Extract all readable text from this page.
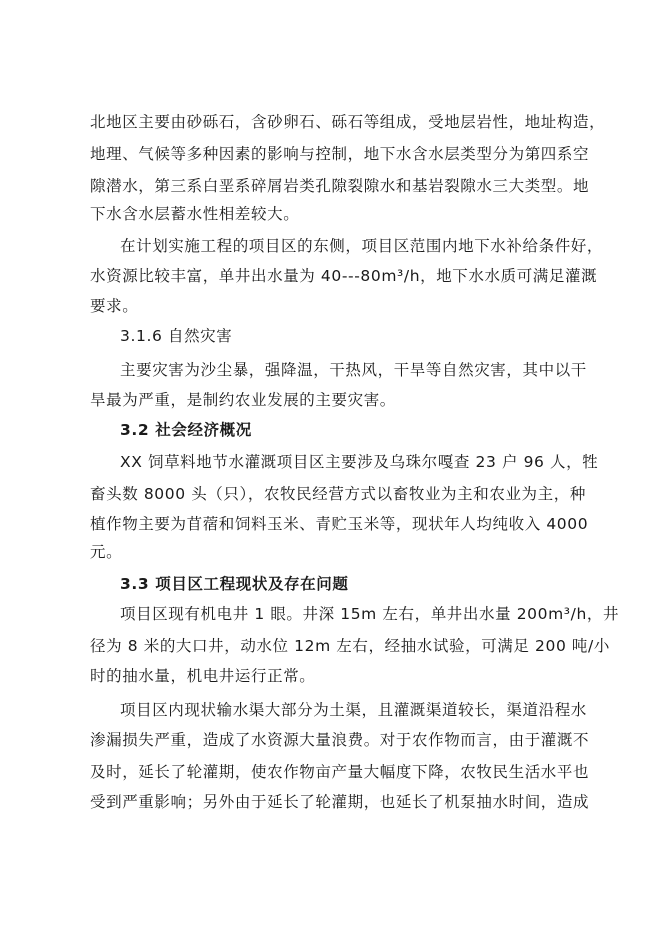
北地区主要由砂砾石，含砂卵石、砾石等组成，受地层岩性，地址构造，
地理、气候等多种因素的影响与控制，地下水含水层类型分为第四系空
隙潜水，第三系白垩系碎屑岩类孔隙裂隙水和基岩裂隙水三大类型。地
下水含水层蓄水性相差较大。
在计划实施工程的项目区的东侧，项目区范围内地下水补给条件好，
水资源比较丰富，单井出水量为 40---80m³/h，地下水水质可满足灌溉
要求。
3.1.6 自然灾害
主要灾害为沙尘暴，强降温，干热风，干旱等自然灾害，其中以干
旱最为严重，是制约农业发展的主要灾害。
3.2 社会经济概况
XX 饲草料地节水灌溉项目区主要涉及乌珠尔嘎查 23 户 96 人，牲
畜头数 8000 头（只），农牧民经营方式以畜牧业为主和农业为主，种
植作物主要为苜蓿和饲料玉米、青贮玉米等，现状年人均纯收入 4000
元。
3.3 项目区工程现状及存在问题
项目区现有机电井 1 眼。井深 15m 左右，单井出水量 200m³/h，井
径为 8 米的大口井，动水位 12m 左右，经抽水试验，可满足 200 吨/小
时的抽水量，机电井运行正常。
项目区内现状输水渠大部分为土渠，且灌溉渠道较长，渠道沿程水
渗漏损失严重，造成了水资源大量浪费。对于农作物而言，由于灌溉不
及时，延长了轮灌期，使农作物亩产量大幅度下降，农牧民生活水平也
受到严重影响；另外由于延长了轮灌期，也延长了机泵抽水时间，造成
